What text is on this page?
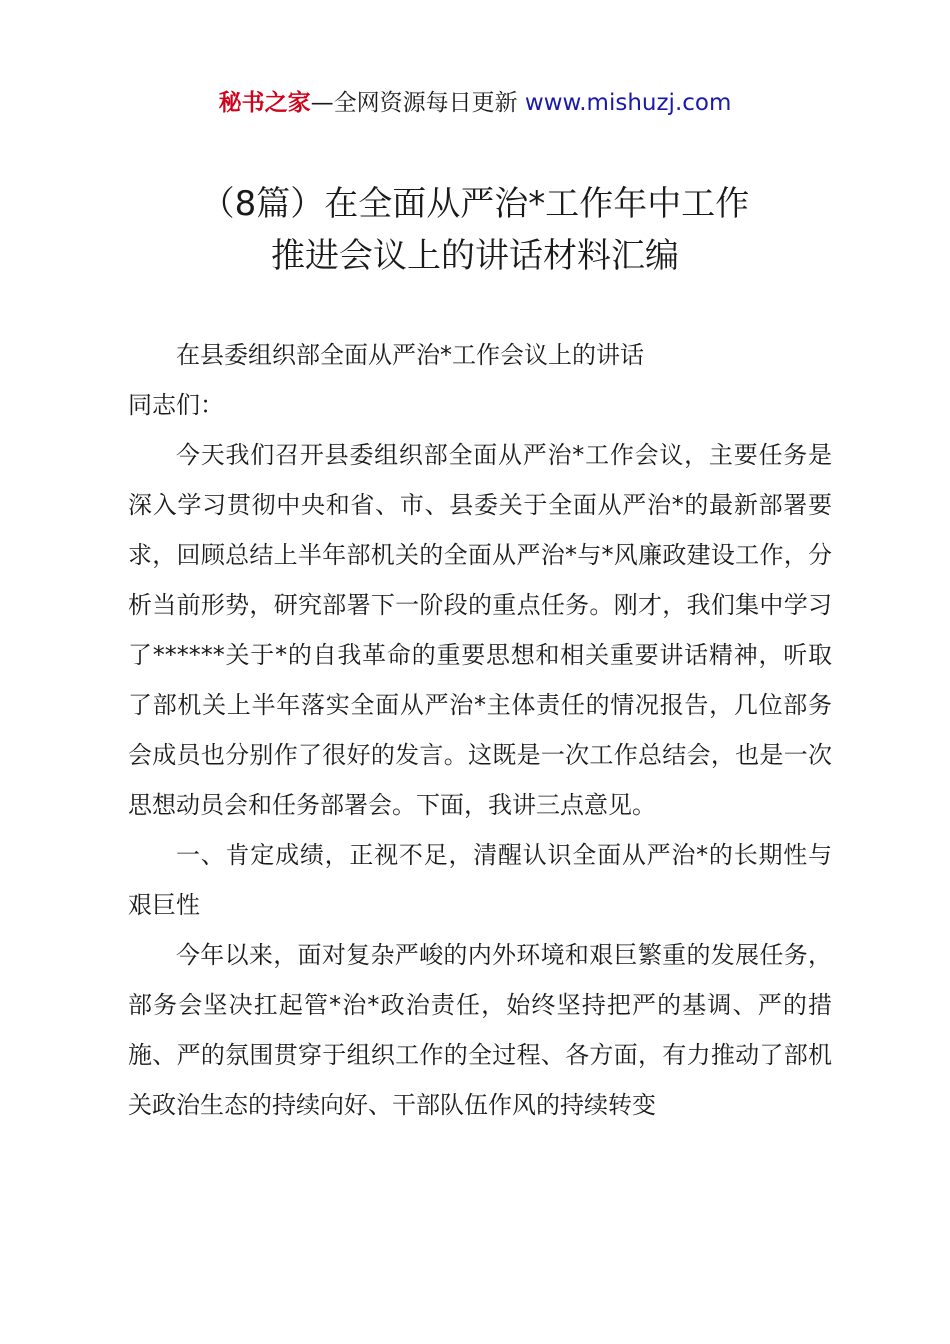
秘书之家—全网资源每日更新 www.mishuzj.com
（8篇）在全面从严治*工作年中工作
推进会议上的讲话材料汇编

在县委组织部全面从严治*工作会议上的讲话

同志们：

今天我们召开县委组织部全面从严治*工作会议，主要任务是深入学习贯彻中央和省、市、县委关于全面从严治*的最新部署要求，回顾总结上半年部机关的全面从严治*与*风廉政建设工作，分析当前形势，研究部署下一阶段的重点任务。刚才，我们集中学习了******关于*的自我革命的重要思想和相关重要讲话精神，听取了部机关上半年落实全面从严治*主体责任的情况报告，几位部务会成员也分别作了很好的发言。这既是一次工作总结会，也是一次思想动员会和任务部署会。下面，我讲三点意见。

一、肯定成绩，正视不足，清醒认识全面从严治*的长期性与艰巨性

今年以来，面对复杂严峻的内外环境和艰巨繁重的发展任务，部务会坚决扛起管*治*政治责任，始终坚持把严的基调、严的措施、严的氛围贯穿于组织工作的全过程、各方面，有力推动了部机关政治生态的持续向好、干部队伍作风的持续转变
